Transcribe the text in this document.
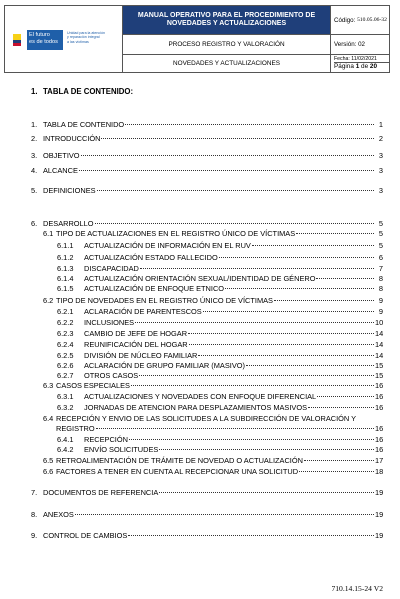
El futuro
es de todos
Unidad para la atención
y reparación integral
a las víctimas
MANUAL OPERATIVO PARA EL PROCEDIMIENTO DE
NOVEDADES Y ACTUALIZACIONES
PROCESO REGISTRO Y VALORACIÓN
NOVEDADES Y ACTUALIZACIONES
Código:
510.05.06-32
Versión: 02
Fecha: 11/02/2021
Página 1 de 20
1. TABLA DE CONTENIDO:
1. TABLA DE CONTENIDO	1
2. INTRODUCCIÓN	2
3. OBJETIVO	3
4. ALCANCE	3
5. DEFINICIONES	3
6. DESARROLLO	5
6.1 TIPO DE ACTUALIZACIONES EN EL REGISTRO ÚNICO DE VÍCTIMAS	5
6.1.1	ACTUALIZACIÓN DE INFORMACIÓN EN EL RUV	5
6.1.2	ACTUALIZACIÓN ESTADO FALLECIDO	6
6.1.3	DISCAPACIDAD	7
6.1.4	ACTUALIZACIÓN ORIENTACIÓN SEXUAL/IDENTIDAD DE GÉNERO	8
6.1.5	ACTUALIZACIÓN DE ENFOQUE ETNICO	8
6.2 TIPO DE NOVEDADES EN EL REGISTRO ÚNICO DE VÍCTIMAS	9
6.2.1	ACLARACIÓN DE PARENTESCOS	9
6.2.2	INCLUSIONES	10
6.2.3	CAMBIO DE JEFE DE HOGAR	14
6.2.4	REUNIFICACIÓN DEL HOGAR	14
6.2.5	DIVISIÓN DE NÚCLEO FAMILIAR	14
6.2.6	ACLARACIÓN DE GRUPO FAMILIAR (MASIVO)	15
6.2.7	OTROS CASOS	15
6.3 CASOS ESPECIALES	16
6.3.1	ACTUALIZACIONES Y NOVEDADES CON ENFOQUE DIFERENCIAL	16
6.3.2	JORNADAS DE ATENCION PARA DESPLAZAMIENTOS MASIVOS	16
6.4 RECEPCIÓN Y ENVIO DE LAS SOLICITUDES A LA SUBDIRECCIÓN DE VALORACIÓN Y
REGISTRO	16
6.4.1	RECEPCIÓN	16
6.4.2	ENVÍO SOLICITUDES	16
6.5 RETROALIMENTACIÓN DE TRÁMITE DE NOVEDAD O ACTUALIZACIÓN	17
6.6 FACTORES A TENER EN CUENTA AL RECEPCIONAR UNA SOLICITUD	18
7. DOCUMENTOS DE REFERENCIA	19
8. ANEXOS	19
9. CONTROL DE CAMBIOS	19
710.14.15-24 V2
